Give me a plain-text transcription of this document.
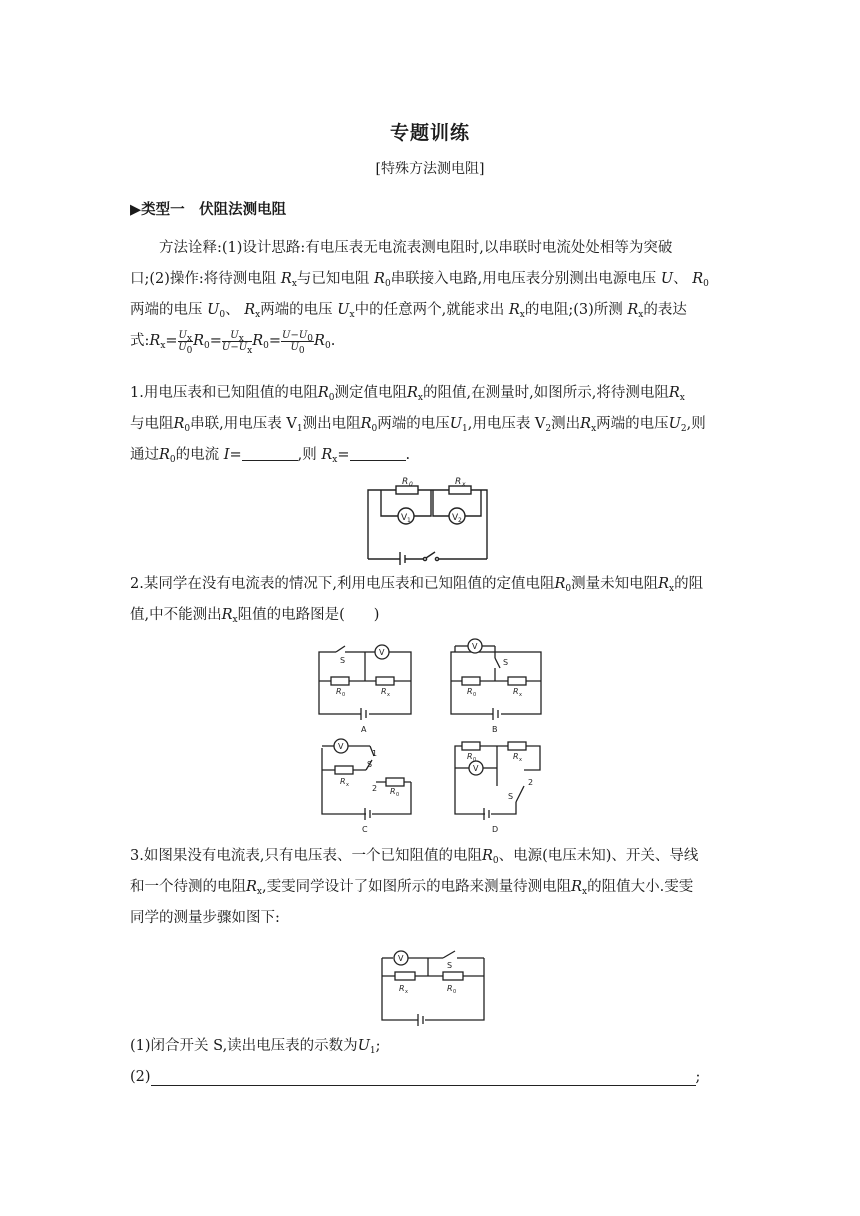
专题训练
[特殊方法测电阻]
▶类型一　伏阻法测电阻
方法诠释:(1)设计思路:有电压表无电流表测电阻时,以串联时电流处处相等为突破
口;(2)操作:将待测电阻 $R_x$与已知电阻 $R_0$串联接入电路,用电压表分别测出电源电压 U、 $R_0$
两端的电压 $U_0$、 $R_x$两端的电压 $U_x$中的任意两个,就能求出 $R_x$的电阻;(3)所测 $R_x$的表达
式$:R_x= \frac{U_x}{U_0} R_0= \frac{U_x}{U-U_x} R_0= \frac{U-U_0}{U_0} R_0$.
1.用电压表和已知阻值的电阻$R_0$测定值电阻$R_x$的阻值,在测量时,如图所示,将待测电阻$R_x$
与电阻$R_0$串联,用电压表 $V_1$测出电阻$R_0$两端的电压$U_1$,用电压表 $V_2$测出$R_x$两端的电压$U_2$,则
通过$R_0$的电流 I=	,则 $R_x=$	.
R 0	R x
V 1	V 2
2.某同学在没有电流表的情况下,利用电压表和已知阻值的定值电阻$R_0$测量未知电阻$R_x$的阻
值,中不能测出$R_x$阻值的电路图是(　　)
S
V
R 0	R x
A
V
S
R 0	R x
B
V
1
S
R x	2 R 0
C
R 0	R x
V
2
S
D
3.如图果没有电流表,只有电压表、一个已知阻值的电阻$R_0$、电源(电压未知)、开关、导线
和一个待测的电阻$R_x$,雯雯同学设计了如图所示的电路来测量待测电阻$R_x$的阻值大小.雯雯
同学的测量步骤如图下:
V
S
R x	R 0
(1)闭合开关 S,读出电压表的示数为$U_1$;
(2)	;
